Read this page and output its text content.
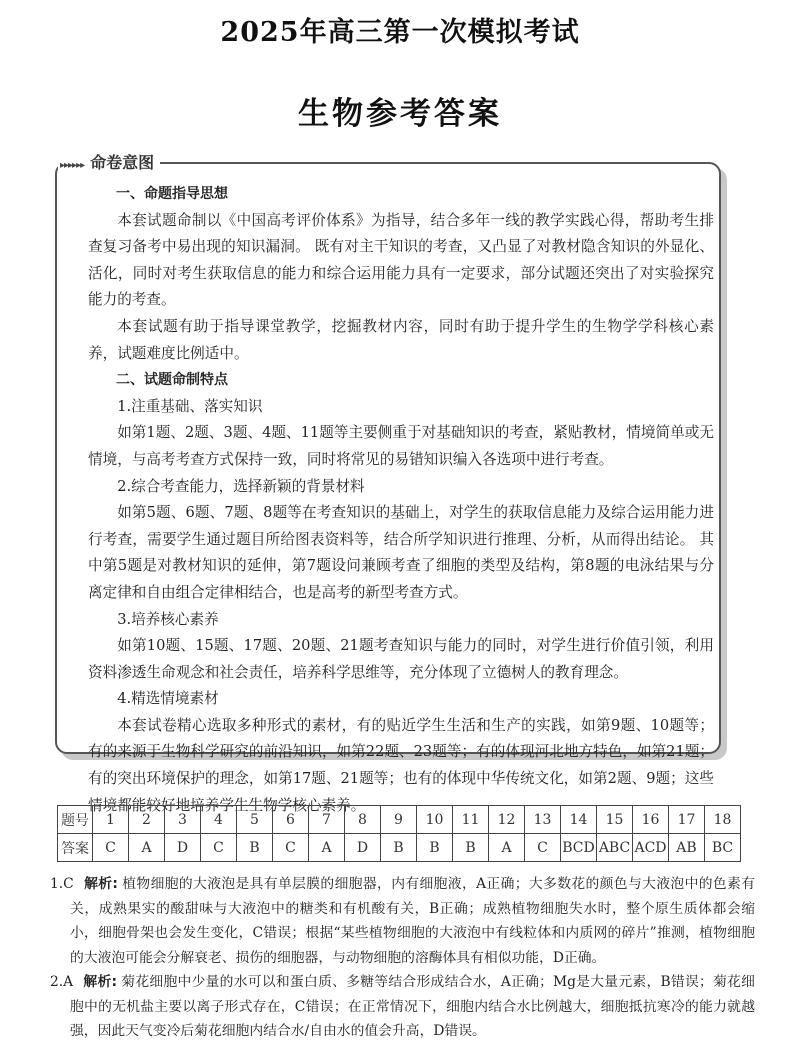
2025年高三第一次模拟考试
生物参考答案
▸▸▸▸▸▸ 命卷意图

一、命题指导思想

本套试题命制以《中国高考评价体系》为指导，结合多年一线的教学实践心得，帮助考生排查复习备考中易出现的知识漏洞。 既有对主干知识的考查，又凸显了对教材隐含知识的外显化、活化，同时对考生获取信息的能力和综合运用能力具有一定要求，部分试题还突出了对实验探究能力的考查。

本套试题有助于指导课堂教学，挖掘教材内容，同时有助于提升学生的生物学学科核心素养，试题难度比例适中。

二、试题命制特点

1.注重基础、落实知识

如第1题、2题、3题、4题、11题等主要侧重于对基础知识的考查，紧贴教材，情境简单或无情境，与高考考查方式保持一致，同时将常见的易错知识编入各选项中进行考查。

2.综合考查能力，选择新颖的背景材料

如第5题、6题、7题、8题等在考查知识的基础上，对学生的获取信息能力及综合运用能力进行考查，需要学生通过题目所给图表资料等，结合所学知识进行推理、分析，从而得出结论。 其中第5题是对教材知识的延伸，第7题设问兼顾考查了细胞的类型及结构，第8题的电泳结果与分离定律和自由组合定律相结合，也是高考的新型考查方式。

3.培养核心素养

如第10题、15题、17题、20题、21题考查知识与能力的同时，对学生进行价值引领，利用资料渗透生命观念和社会责任，培养科学思维等，充分体现了立德树人的教育理念。

4.精选情境素材

本套试卷精心选取多种形式的素材，有的贴近学生生活和生产的实践，如第9题、10题等；有的来源于生物科学研究的前沿知识，如第22题、23题等；有的体现河北地方特色，如第21题；有的突出环境保护的理念，如第17题、21题等；也有的体现中华传统文化，如第2题、9题；这些情境都能较好地培养学生生物学核心素养。

题号	1	2	3	4	5	6	7	8	9	10	11	12	13	14	15	16	17	18
答案	C	A	D	C	B	C	A	D	B	B	B	A	C	BCD	ABC	ACD	AB	BC

1.C 解析: 植物细胞的大液泡是具有单层膜的细胞器，内有细胞液，A正确；大多数花的颜色与大液泡中的色素有关，成熟果实的酸甜味与大液泡中的糖类和有机酸有关，B正确；成熟植物细胞失水时，整个原生质体都会缩小，细胞骨架也会发生变化，C错误；根据“某些植物细胞的大液泡中有线粒体和内质网的碎片”推测，植物细胞的大液泡可能会分解衰老、损伤的细胞器，与动物细胞的溶酶体具有相似功能，D正确。

2.A 解析: 菊花细胞中少量的水可以和蛋白质、多糖等结合形成结合水，A正确；Mg是大量元素，B错误；菊花细胞中的无机盐主要以离子形式存在，C错误；在正常情况下，细胞内结合水比例越大，细胞抵抗寒冷的能力就越强，因此天气变冷后菊花细胞内结合水/自由水的值会升高，D错误。
